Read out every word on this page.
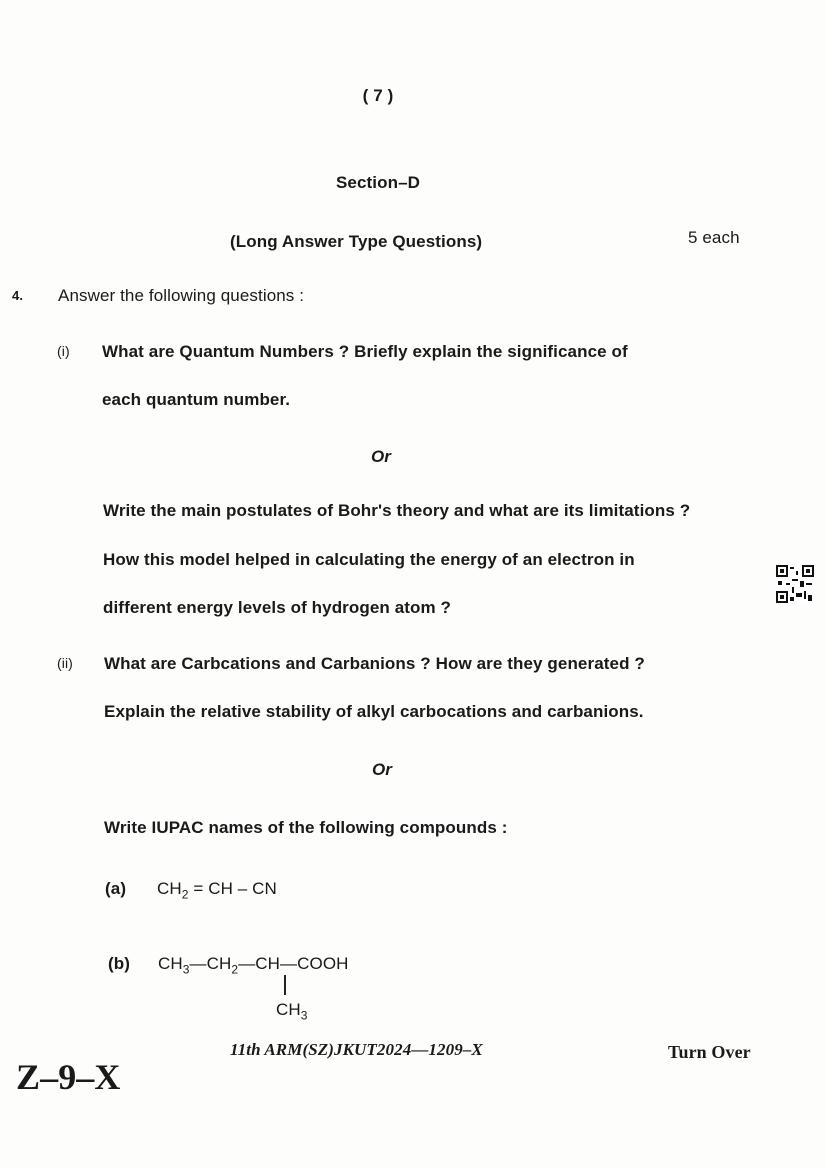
( 7 )
Section–D
(Long Answer Type Questions)	5 each
4. Answer the following questions :
(i) What are Quantum Numbers ? Briefly explain the significance of
each quantum number.
Or
Write the main postulates of Bohr's theory and what are its limitations ?
How this model helped in calculating the energy of an electron in
different energy levels of hydrogen atom ?
(ii) What are Carbcations and Carbanions ? How are they generated ?
Explain the relative stability of alkyl carbocations and carbanions.
Or
Write IUPAC names of the following compounds :
(a) $CH_2$ = CH – CN
(b) $CH_3—CH_2—CH—COOH$
$CH_3$
11th ARM(SZ)JKUT2024—1209–X	Turn Over
Z–9–X
